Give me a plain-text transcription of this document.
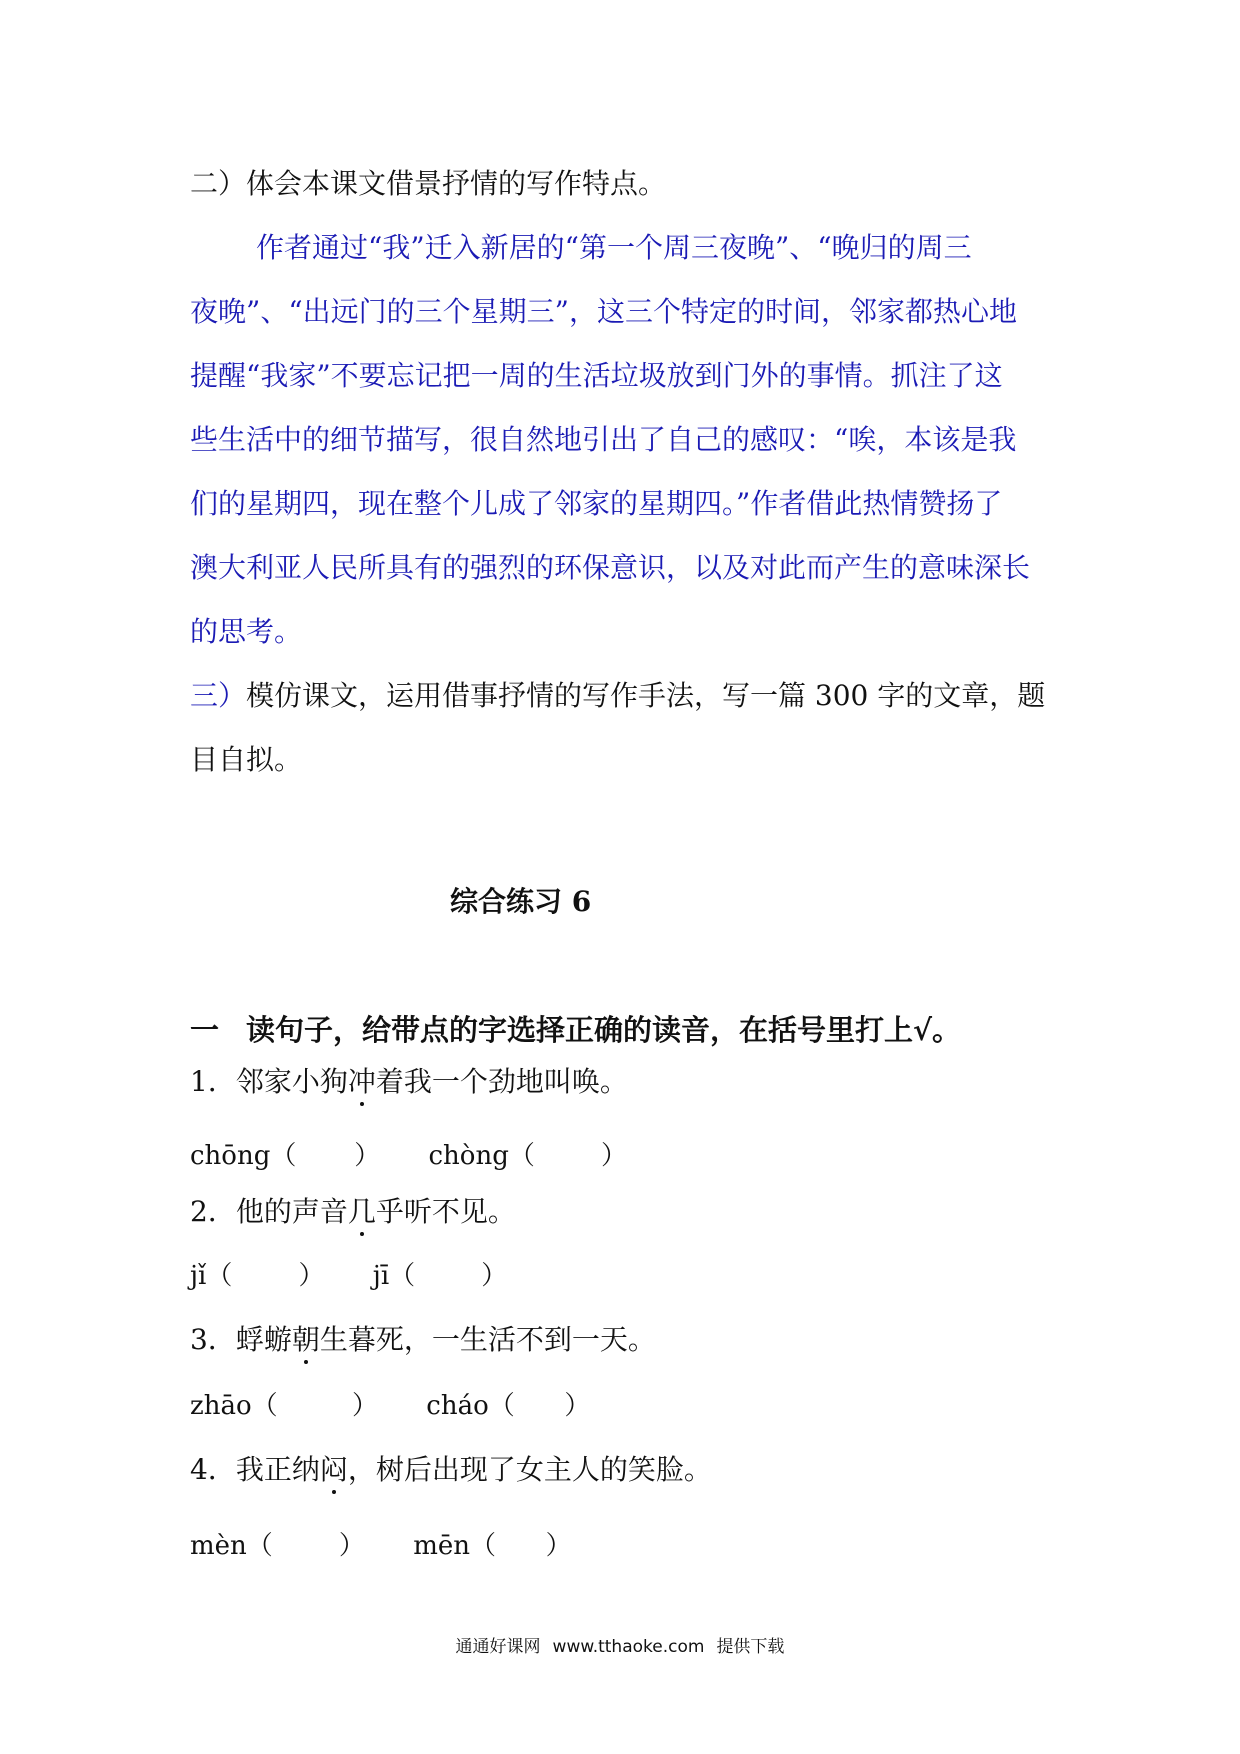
二）体会本课文借景抒情的写作特点。
作者通过“我”迁入新居的“第一个周三夜晚”、“晚归的周三
夜晚”、“出远门的三个星期三”，这三个特定的时间，邻家都热心地
提醒“我家”不要忘记把一周的生活垃圾放到门外的事情。抓注了这
些生活中的细节描写，很自然地引出了自己的感叹：“唉，本该是我
们的星期四，现在整个儿成了邻家的星期四。”作者借此热情赞扬了
澳大利亚人民所具有的强烈的环保意识，以及对此而产生的意味深长
的思考。
三）模仿课文，运用借事抒情的写作手法，写一篇 300 字的文章，题
目自拟。
综合练习 6
一 读句子，给带点的字选择正确的读音，在括号里打上√。
1．邻家小狗冲着我一个劲地叫唤。
chōng（       ） chòng（        ）
2．他的声音几乎听不见。
jǐ（        ） jī（        ）
3．蜉蝣朝生暮死，一生活不到一天。
zhāo（         ） cháo（      ）
4．我正纳闷，树后出现了女主人的笑脸。
mèn（        ） mēn（      ）
通通好课网 www.tthaoke.com 提供下载
